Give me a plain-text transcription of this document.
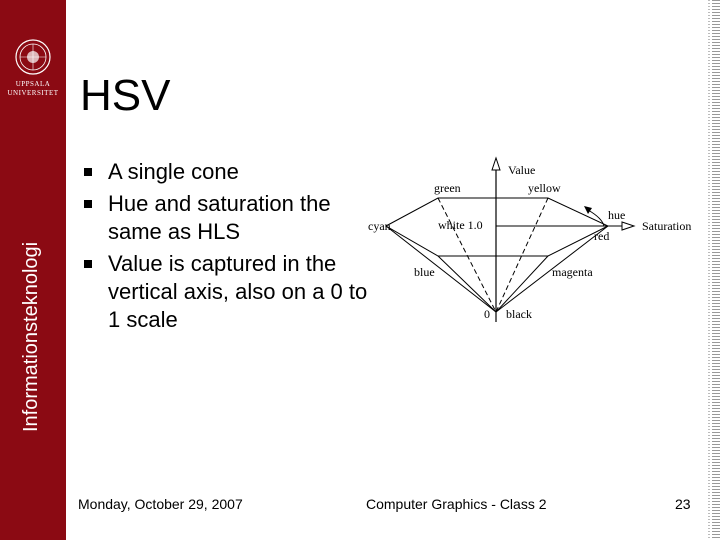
UPPSALA
UNIVERSITET
Informationsteknologi
HSV
A single cone
Hue and saturation the same as HLS
Value is captured in the vertical axis, also on a 0 to 1 scale
Value
green	yellow
cyan	white 1.0
hue
red
Saturation
blue	magenta
0 black
Monday, October 29, 2007	Computer Graphics - Class 2	23
